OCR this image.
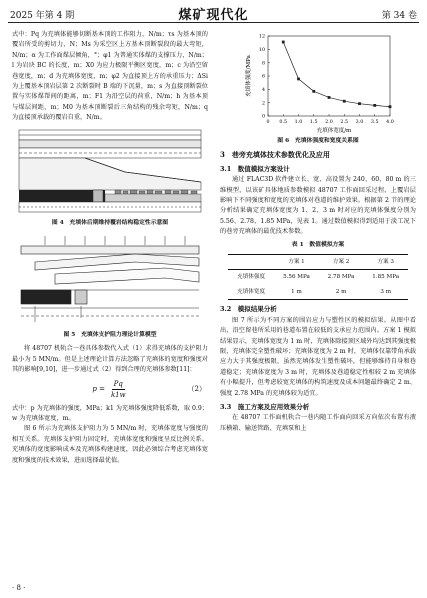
2025 年第 4 期	煤矿现代化	第 34 卷

式中：Pq 为充填体能够切断基本顶的工作阻力，N/m；τs 为基本顶的覆岩所受的剪切力，N；Ms 为采空区上方基本顶断裂段的最大弯矩，N/m；α 为工作面煤层倾角，°；φ1 为普通实体煤的支撑压力，N/m；l 为岩块 BC 的长度，m；X0 为应力极限平衡区宽度，m；c 为沿空留巷宽度，m；d 为充填体宽度，m；φ2 为直接顶上方的承重压力；ΔSi 为上覆基本顶岩层第 2 次断裂时 B 端的下沉量，m；s 为直接顶断裂位置与实体煤帮间的距离，m；F1 为沿空层的荷重，N/m；h 为基本顶与煤层间距，m；M0 为基本顶断裂后三角结构的残余弯矩，N/m；q 为直接顶承载的覆岩自重，N/m。

图 4　充填体后期维持覆岩结构稳定性示意图
图 5　充填体支护阻力理论计算模型

将 48707 机轨合一巷具体参数代入式（1）求得充填体的支护阻力最小为 5 MN/m。但是上述理论计算方法忽略了充填体的宽度和强度对其的影响[9,10]，进一步通过式（2）得到合理的充填体参数[11]：

$p = \frac{Pq}{k1w}$	（2）

式中：p 为充填体的强度，MPa；k1 为充填体强度降低系数，取 0.9；w 为充填体宽度，m。

图 6 所示为充填体支护阻力为 5 MN/m 时，充填体宽度与强度的相互关系。充填体支护阻力固定时，充填体宽度和强度呈反比例关系。充填体的宽度影响成本及充填体构建速度，因此必须综合考虑充填体宽度和强度的技术效果，进而选择最优值。

0 0.5 1.0 1.5 2.0 2.5 3.0 3.5 4.0
0
2
4
6
8
10
12
充填体宽度/m
充填体强度/MPa
图 6　充填体强度和宽度关系图
3　巷旁充填体技术参数优化及应用
3.1　数值模拟方案设计

通过 FLAC3D 软件建立长、宽、高设置为 240、60、80 m 的三维模型，以该矿具体地质参数模拟 48707 工作面回采过程，上覆岩层影响下不同强度和宽度的充填体对巷道的维护效果。根据第 2 节的理论分析结果确定充填体宽度为 1、2、3 m 时对应的充填体强度分别为 5.56、2.78、1.85 MPa，见表 1。通过数值模拟得到适用于淡工况下的巷旁充填体的最优技术参数。

表 1　数值模拟方案
	方案 1	方案 2	方案 3
充填体强度	5.56 MPa	2.78 MPa	1.85 MPa
充填体宽度	1 m	2 m	3 m
3.2　模拟结果分析

图 7 所示为不同方案的围岩应力与塑性区的模拟结果。从图中看出，沿空留巷所采用的巷道布置在较低的支承应力范围内。方案 1 模拟结果显示，充填体宽度为 1 m 时，充填体除接顶区域外均达到其强度极限，充填体完全塑性破坏；充填体宽度为 2 m 时，充填体仅靠带角承载应力大于其强度极限，虽然充填体发生塑性破坏，但能够维持自身和巷道稳定；充填体宽度为 3 m 时，充填体及巷道稳定性相较 2 m 充填体有小幅提升，但考虑较宽充填体的构筑速度及成本问题最终确定 2 m、强度 2.78 MPa 的充填体较为适宜。

3.3　施工方案及应用效果分析

在 48707 工作面机轨合一巷内随工作面向回采方向依次布置有液压横箱、输送管路、充填泵和上

· 8 ·
